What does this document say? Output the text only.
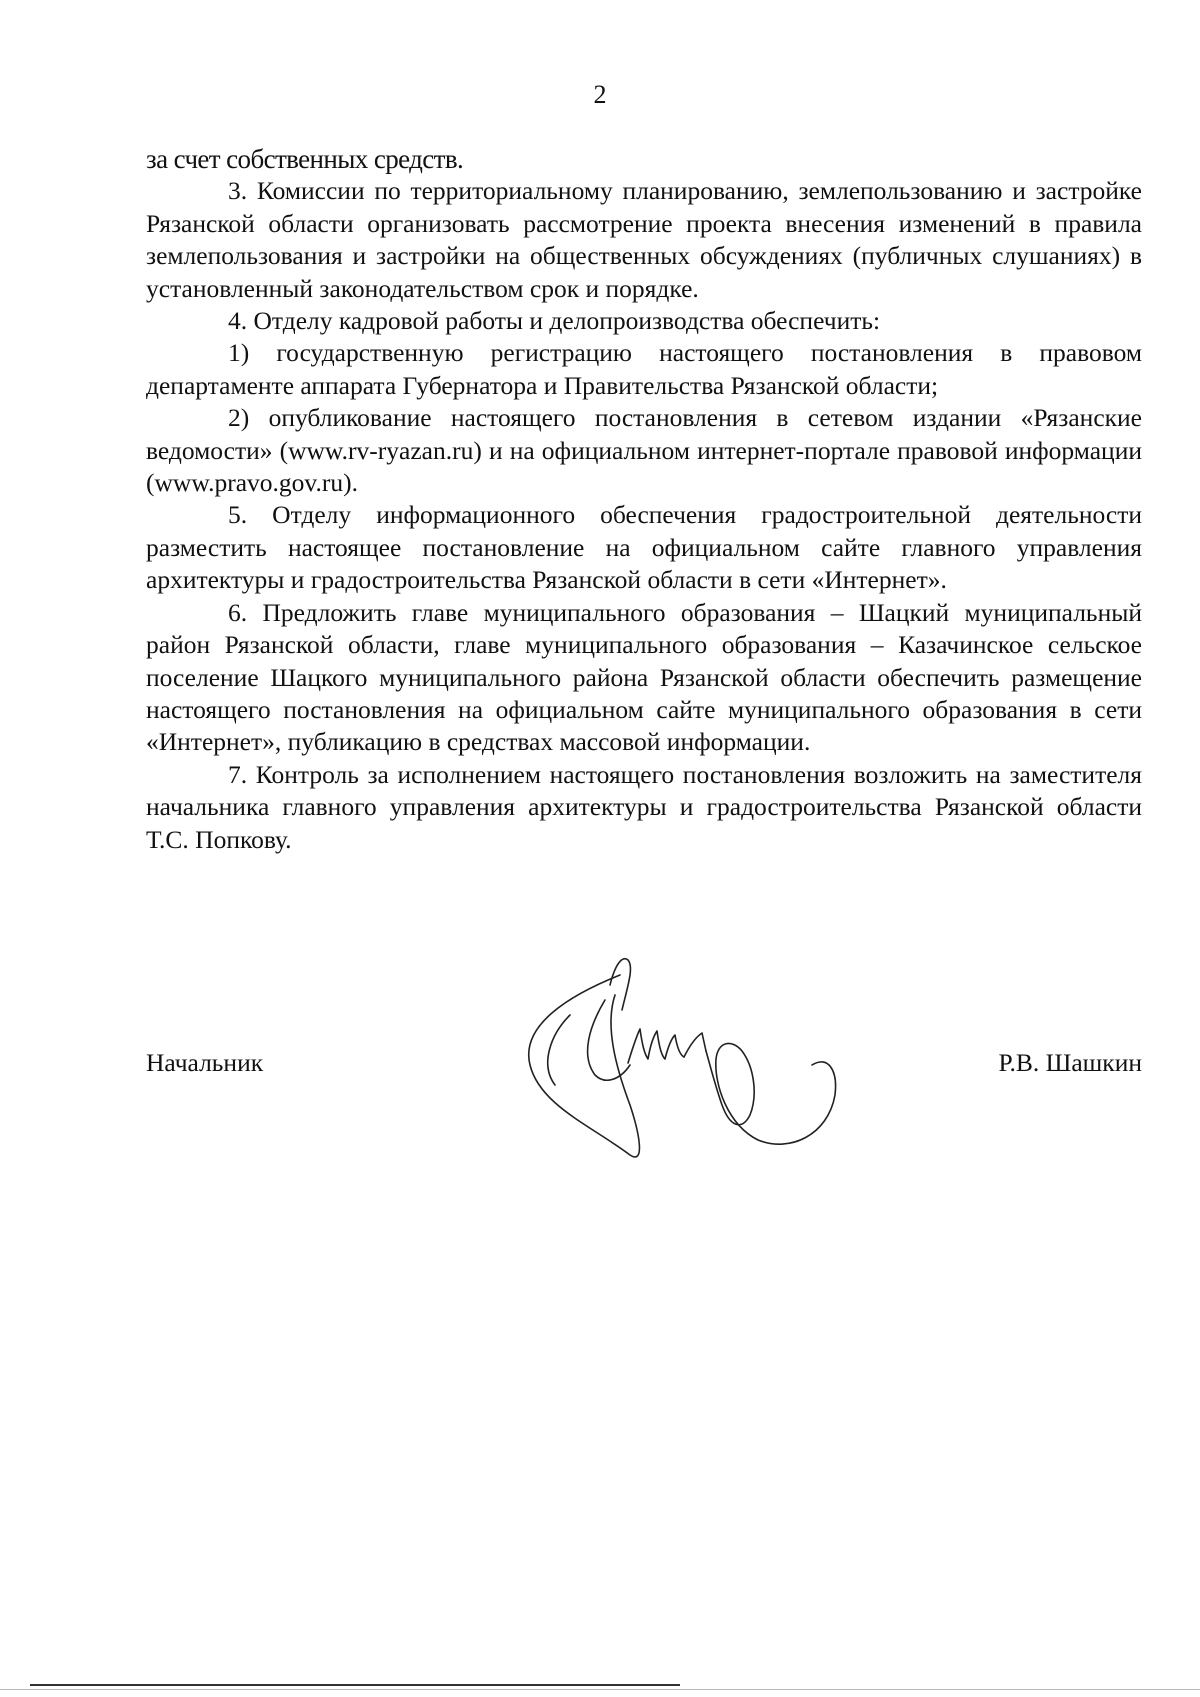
2

за счет собственных средств.

3. Комиссии по территориальному планированию, землепользованию и застройке Рязанской области организовать рассмотрение проекта внесения изменений в правила землепользования и застройки на общественных обсуждениях (публичных слушаниях) в установленный законодательством срок и порядке.

4. Отделу кадровой работы и делопроизводства обеспечить:

1) государственную регистрацию настоящего постановления в правовом департаменте аппарата Губернатора и Правительства Рязанской области;

2) опубликование настоящего постановления в сетевом издании «Рязанские ведомости» (www.rv-ryazan.ru) и на официальном интернет-портале правовой информации (www.pravo.gov.ru).

5. Отделу информационного обеспечения градостроительной деятельности разместить настоящее постановление на официальном сайте главного управления архитектуры и градостроительства Рязанской области в сети «Интернет».

6. Предложить главе муниципального образования – Шацкий муниципальный район Рязанской области, главе муниципального образования – Казачинское сельское поселение Шацкого муниципального района Рязанской области обеспечить размещение настоящего постановления на официальном сайте муниципального образования в сети «Интернет», публикацию в средствах массовой информации.

7. Контроль за исполнением настоящего постановления возложить на заместителя начальника главного управления архитектуры и градостроительства Рязанской области Т.С. Попкову.

Начальник	Р.В. Шашкин
